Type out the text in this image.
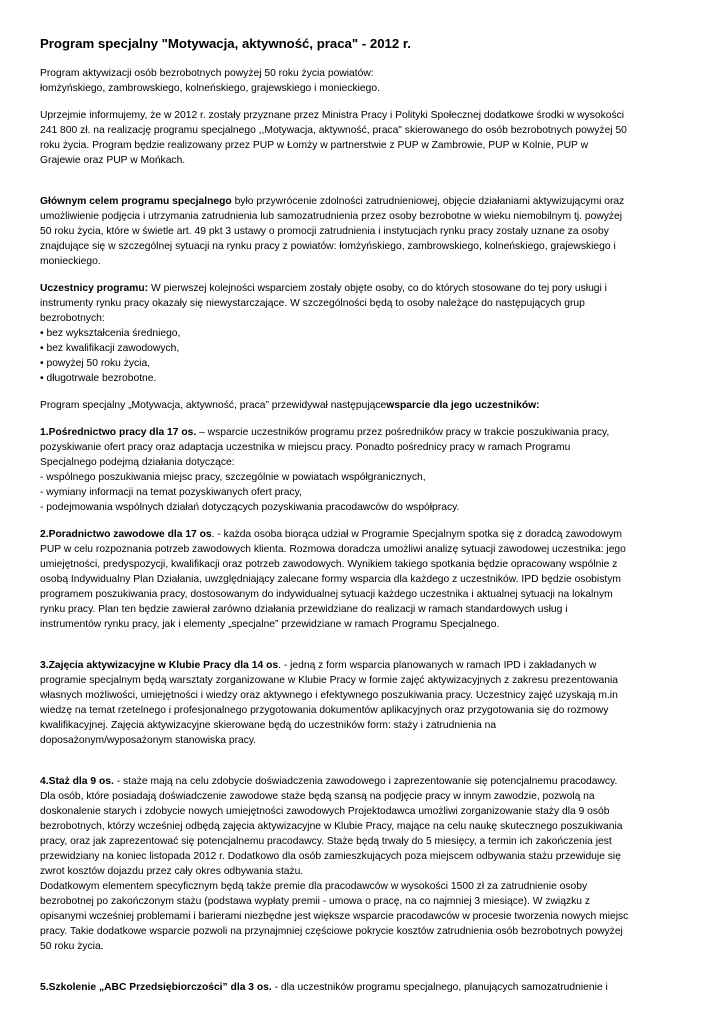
Program specjalny "Motywacja, aktywność, praca" - 2012 r.
Program aktywizacji osób bezrobotnych powyżej 50 roku życia powiatów:
łomżyńskiego, zambrowskiego, kolneńskiego, grajewskiego i monieckiego.
Uprzejmie informujemy, że w 2012 r. zostały przyznane przez Ministra Pracy i Polityki Społecznej dodatkowe środki w wysokości
241 800 zł. na realizację programu specjalnego ,,Motywacja, aktywność, praca" skierowanego do osób bezrobotnych powyżej 50
roku życia. Program będzie realizowany przez PUP w Łomży w partnerstwie z PUP w Zambrowie, PUP w Kolnie, PUP w
Grajewie oraz PUP w Mońkach.
Głównym celem programu specjalnego było przywrócenie zdolności zatrudnieniowej, objęcie działaniami aktywizującymi oraz
umożliwienie podjęcia i utrzymania zatrudnienia lub samozatrudnienia przez osoby bezrobotne w wieku niemobilnym tj. powyżej
50 roku życia, które w świetle art. 49 pkt 3 ustawy o promocji zatrudnienia i instytucjach rynku pracy zostały uznane za osoby
znajdujące się w szczególnej sytuacji na rynku pracy z powiatów: łomżyńskiego, zambrowskiego, kolneńskiego, grajewskiego i
monieckiego.
Uczestnicy programu: W pierwszej kolejności wsparciem zostały objęte osoby, co do których stosowane do tej pory usługi i
instrumenty rynku pracy okazały się niewystarczające. W szczególności będą to osoby należące do następujących grup
bezrobotnych:
• bez wykształcenia średniego,
• bez kwalifikacji zawodowych,
• powyżej 50 roku życia,
• długotrwale bezrobotne.
Program specjalny „Motywacja, aktywność, praca” przewidywał następującewsparcie dla jego uczestników:
1.Pośrednictwo pracy dla 17 os. – wsparcie uczestników programu przez pośredników pracy w trakcie poszukiwania pracy,
pozyskiwanie ofert pracy oraz adaptacja uczestnika w miejscu pracy. Ponadto pośrednicy pracy w ramach Programu
Specjalnego podejmą działania dotyczące:
- wspólnego poszukiwania miejsc pracy, szczególnie w powiatach współgranicznych,
- wymiany informacji na temat pozyskiwanych ofert pracy,
- podejmowania wspólnych działań dotyczących pozyskiwania pracodawców do współpracy.
2.Poradnictwo zawodowe dla 17 os. - każda osoba biorąca udział w Programie Specjalnym spotka się z doradcą zawodowym
PUP w celu rozpoznania potrzeb zawodowych klienta. Rozmowa doradcza umożliwi analizę sytuacji zawodowej uczestnika: jego
umiejętności, predyspozycji, kwalifikacji oraz potrzeb zawodowych. Wynikiem takiego spotkania będzie opracowany wspólnie z
osobą Indywidualny Plan Działania, uwzględniający zalecane formy wsparcia dla każdego z uczestników. IPD będzie osobistym
programem poszukiwania pracy, dostosowanym do indywidualnej sytuacji każdego uczestnika i aktualnej sytuacji na lokalnym
rynku pracy. Plan ten będzie zawierał zarówno działania przewidziane do realizacji w ramach standardowych usług i
instrumentów rynku pracy, jak i elementy „specjalne” przewidziane w ramach Programu Specjalnego.
3.Zajęcia aktywizacyjne w Klubie Pracy dla 14 os. - jedną z form wsparcia planowanych w ramach IPD i zakładanych w
programie specjalnym będą warsztaty zorganizowane w Klubie Pracy w formie zajęć aktywizacyjnych z zakresu prezentowania
własnych możliwości, umiejętności i wiedzy oraz aktywnego i efektywnego poszukiwania pracy. Uczestnicy zajęć uzyskają m.in
wiedzę na temat rzetelnego i profesjonalnego przygotowania dokumentów aplikacyjnych oraz przygotowania się do rozmowy
kwalifikacyjnej. Zajęcia aktywizacyjne skierowane będą do uczestników form: staży i zatrudnienia na
doposażonym/wyposażonym stanowiska pracy.
4.Staż dla 9 os. - staże mają na celu zdobycie doświadczenia zawodowego i zaprezentowanie się potencjalnemu pracodawcy.
Dla osób, które posiadają doświadczenie zawodowe staże będą szansą na podjęcie pracy w innym zawodzie, pozwolą na
doskonalenie starych i zdobycie nowych umiejętności zawodowych Projektodawca umożliwi zorganizowanie staży dla 9 osób
bezrobotnych, którzy wcześniej odbędą zajęcia aktywizacyjne w Klubie Pracy, mające na celu naukę skutecznego poszukiwania
pracy, oraz jak zaprezentować się potencjalnemu pracodawcy. Staże będą trwały do 5 miesięcy, a termin ich zakończenia jest
przewidziany na koniec listopada 2012 r. Dodatkowo dla osób zamieszkujących poza miejscem odbywania stażu przewiduje się
zwrot kosztów dojazdu przez cały okres odbywania stażu.
Dodatkowym elementem specyficznym będą także premie dla pracodawców w wysokości 1500 zł za zatrudnienie osoby
bezrobotnej po zakończonym stażu (podstawa wypłaty premii - umowa o pracę, na co najmniej 3 miesiące). W związku z
opisanymi wcześniej problemami i barierami niezbędne jest większe wsparcie pracodawców w procesie tworzenia nowych miejsc
pracy. Takie dodatkowe wsparcie pozwoli na przynajmniej częściowe pokrycie kosztów zatrudnienia osób bezrobotnych powyżej
50 roku życia.
5.Szkolenie „ABC Przedsiębiorczości” dla 3 os. - dla uczestników programu specjalnego, planujących samozatrudnienie i
